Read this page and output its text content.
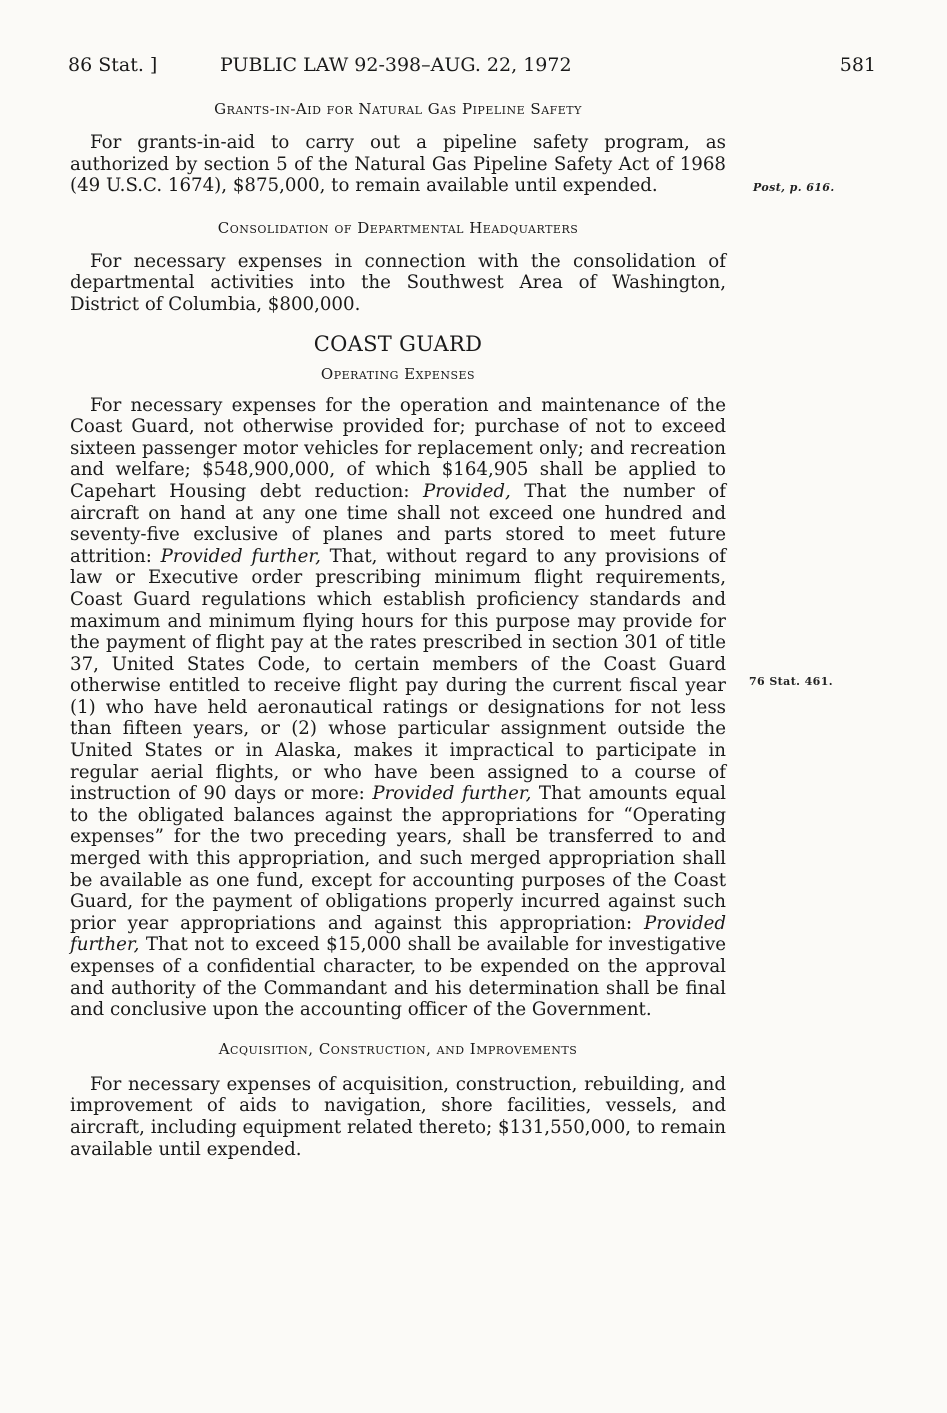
86 Stat. ]	PUBLIC LAW 92-398–AUG. 22, 1972	581
Grants-in-Aid for Natural Gas Pipeline Safety

For grants-in-aid to carry out a pipeline safety program, as authorized by section 5 of the Natural Gas Pipeline Safety Act of 1968 (49 U.S.C. 1674), $875,000, to remain available until expended.

Consolidation of Departmental Headquarters

For necessary expenses in connection with the consolidation of departmental activities into the Southwest Area of Washington, District of Columbia, $800,000.

COAST GUARD
Operating Expenses

For necessary expenses for the operation and maintenance of the Coast Guard, not otherwise provided for; purchase of not to exceed sixteen passenger motor vehicles for replacement only; and recreation and welfare; $548,900,000, of which $164,905 shall be applied to Capehart Housing debt reduction: Provided, That the number of aircraft on hand at any one time shall not exceed one hundred and seventy-five exclusive of planes and parts stored to meet future attrition: Provided further, That, without regard to any provisions of law or Executive order prescribing minimum flight requirements, Coast Guard regulations which establish proficiency standards and maximum and minimum flying hours for this purpose may provide for the payment of flight pay at the rates prescribed in section 301 of title 37, United States Code, to certain members of the Coast Guard otherwise entitled to receive flight pay during the current fiscal year (1) who have held aeronautical ratings or designations for not less than fifteen years, or (2) whose particular assignment outside the United States or in Alaska, makes it impractical to participate in regular aerial flights, or who have been assigned to a course of instruction of 90 days or more: Provided further, That amounts equal to the obligated balances against the appropriations for “Operating expenses” for the two preceding years, shall be transferred to and merged with this appropriation, and such merged appropriation shall be available as one fund, except for accounting purposes of the Coast Guard, for the payment of obligations properly incurred against such prior year appropriations and against this appropriation: Provided further, That not to exceed $15,000 shall be available for investigative expenses of a confidential character, to be expended on the approval and authority of the Commandant and his determination shall be final and conclusive upon the accounting officer of the Government.

Acquisition, Construction, and Improvements

For necessary expenses of acquisition, construction, rebuilding, and improvement of aids to navigation, shore facilities, vessels, and aircraft, including equipment related thereto; $131,550,000, to remain available until expended.

Post, p. 616.
76 Stat. 461.
